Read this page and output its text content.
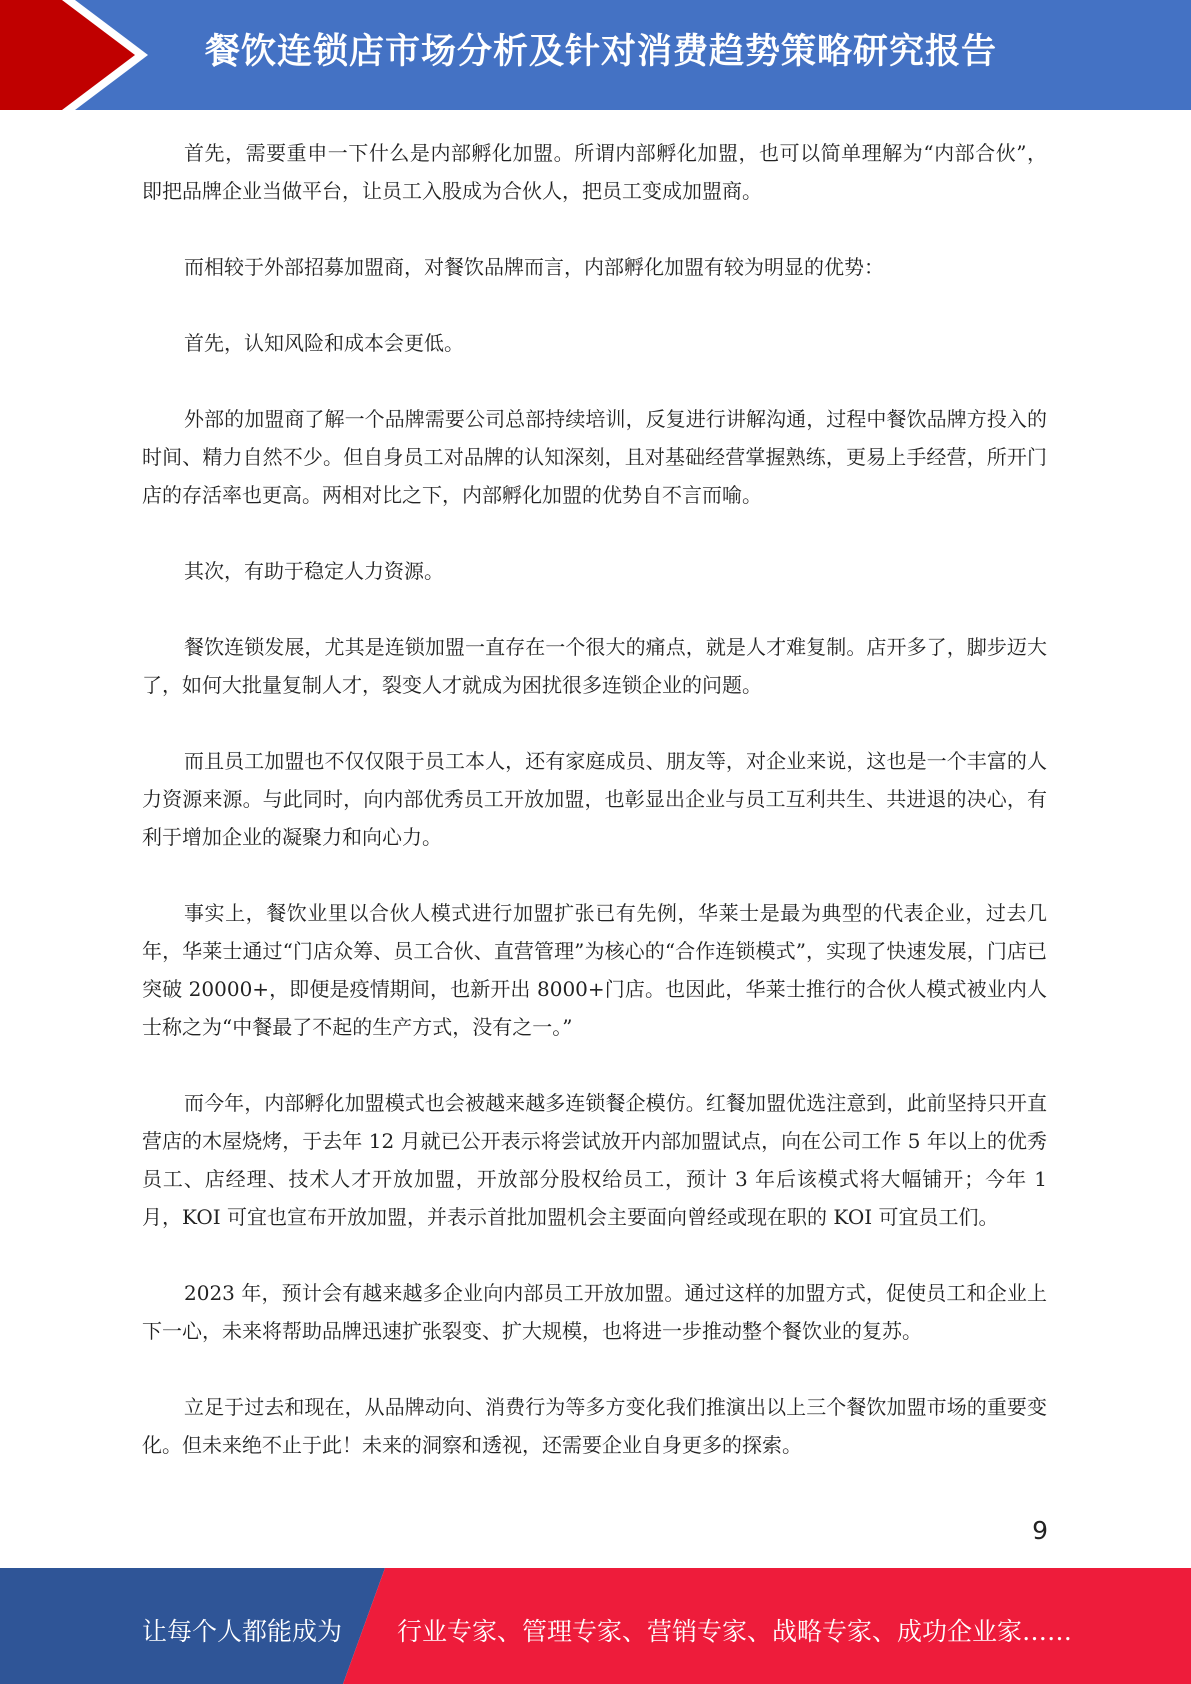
餐饮连锁店市场分析及针对消费趋势策略研究报告

首先，需要重申一下什么是内部孵化加盟。所谓内部孵化加盟，也可以简单理解为“内部合伙”， 即把品牌企业当做平台，让员工入股成为合伙人，把员工变成加盟商。

而相较于外部招募加盟商，对餐饮品牌而言，内部孵化加盟有较为明显的优势：

首先，认知风险和成本会更低。

外部的加盟商了解一个品牌需要公司总部持续培训，反复进行讲解沟通，过程中餐饮品牌方投入的时间、精力自然不少。但自身员工对品牌的认知深刻，且对基础经营掌握熟练，更易上手经营，所开门店的存活率也更高。两相对比之下，内部孵化加盟的优势自不言而喻。

其次，有助于稳定人力资源。

餐饮连锁发展，尤其是连锁加盟一直存在一个很大的痛点，就是人才难复制。店开多了，脚步迈大了，如何大批量复制人才，裂变人才就成为困扰很多连锁企业的问题。

而且员工加盟也不仅仅限于员工本人，还有家庭成员、朋友等，对企业来说，这也是一个丰富的人力资源来源。与此同时，向内部优秀员工开放加盟，也彰显出企业与员工互利共生、共进退的决心，有利于增加企业的凝聚力和向心力。

事实上，餐饮业里以合伙人模式进行加盟扩张已有先例，华莱士是最为典型的代表企业，过去几年，华莱士通过“门店众筹、员工合伙、直营管理”为核心的“合作连锁模式”，实现了快速发展，门店已突破 20000+，即便是疫情期间，也新开出 8000+门店。也因此，华莱士推行的合伙人模式被业内人士称之为“中餐最了不起的生产方式，没有之一。”

而今年，内部孵化加盟模式也会被越来越多连锁餐企模仿。红餐加盟优选注意到，此前坚持只开直营店的木屋烧烤，于去年 12 月就已公开表示将尝试放开内部加盟试点，向在公司工作 5 年以上的优秀员工、店经理、技术人才开放加盟，开放部分股权给员工，预计 3 年后该模式将大幅铺开；今年 1 月，KOI 可宜也宣布开放加盟，并表示首批加盟机会主要面向曾经或现在职的 KOI 可宜员工们。

2023 年，预计会有越来越多企业向内部员工开放加盟。通过这样的加盟方式，促使员工和企业上下一心，未来将帮助品牌迅速扩张裂变、扩大规模，也将进一步推动整个餐饮业的复苏。

立足于过去和现在，从品牌动向、消费行为等多方变化我们推演出以上三个餐饮加盟市场的重要变化。但未来绝不止于此！未来的洞察和透视，还需要企业自身更多的探索。

9
让每个人都能成为 行业专家、管理专家、营销专家、战略专家、成功企业家……
